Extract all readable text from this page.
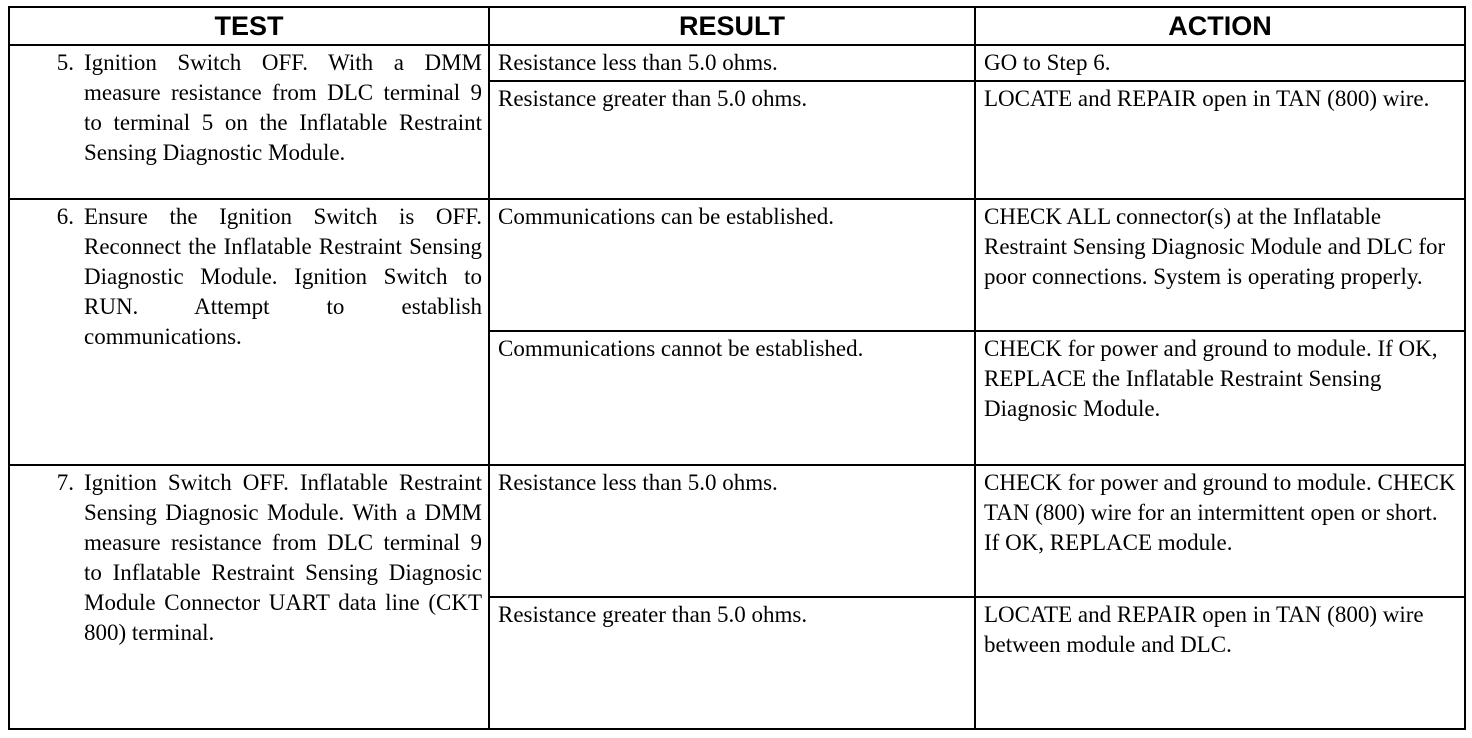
TEST	RESULT	ACTION

5. Ignition Switch OFF. With a DMM measure resistance from DLC terminal 9 to terminal 5 on the Inflatable Restraint Sensing Diagnostic Module.	Resistance less than 5.0 ohms.	GO to Step 6.
	Resistance greater than 5.0 ohms.	LOCATE and REPAIR open in TAN (800) wire.

6. Ensure the Ignition Switch is OFF. Reconnect the Inflatable Restraint Sensing Diagnostic Module. Ignition Switch to RUN. Attempt to establish communications.	Communications can be established.	CHECK ALL connector(s) at the Inflatable Restraint Sensing Diagnosic Module and DLC for poor connections. System is operating properly.
	Communications cannot be established.	CHECK for power and ground to module. If OK, REPLACE the Inflatable Restraint Sensing Diagnosic Module.

7. Ignition Switch OFF. Inflatable Restraint Sensing Diagnosic Module. With a DMM measure resistance from DLC terminal 9 to Inflatable Restraint Sensing Diagnosic Module Connector UART data line (CKT 800) terminal.	Resistance less than 5.0 ohms.	CHECK for power and ground to module. CHECK TAN (800) wire for an intermittent open or short. If OK, REPLACE module.
	Resistance greater than 5.0 ohms.	LOCATE and REPAIR open in TAN (800) wire between module and DLC.
